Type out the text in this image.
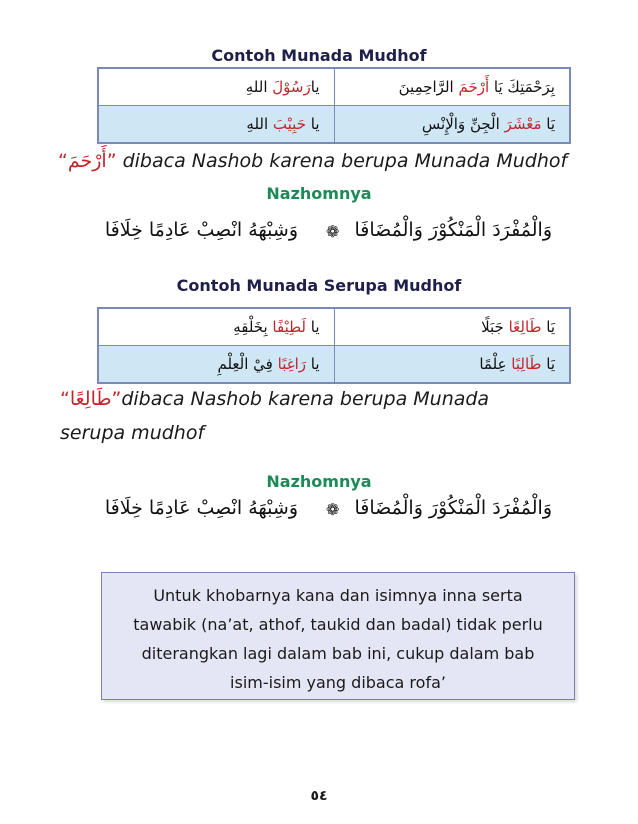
Contoh Munada Mudhof
يارَسُوْلَ اللهِ	بِرَحْمَتِكَ يَا أَرْحَمَ الرَّاحِمِينَ
يا حَبِيْبَ اللهِ	يَا مَعْشَرَ الْجِنِّ وَالْإِنْسِ
“أَرْحَمَ” dibaca Nashob karena berupa Munada Mudhof
Nazhomnya
وَالْمُفْرَدَ الْمَنْكُوْرَ وَالْمُضَافَا
❁
وَشِبْهَهُ انْصِبْ عَادِمًا خِلَافَا
Contoh Munada Serupa Mudhof
يا لَطِيْفًا بِخَلْقِهِ	يَا طَالِعًا جَبَلًا
يا رَاغِبًا فِيْ الْعِلْمِ	يَا طَالِبًا عِلْمًا
“طَالِعًا”dibaca Nashob karena berupa Munada serupa mudhof
Nazhomnya
وَالْمُفْرَدَ الْمَنْكُوْرَ وَالْمُضَافَا
❁
وَشِبْهَهُ انْصِبْ عَادِمًا خِلَافَا
Untuk khobarnya kana dan isimnya inna serta
tawabik (na’at, athof, taukid dan badal) tidak perlu
diterangkan lagi dalam bab ini, cukup dalam bab
isim-isim yang dibaca rofa’
٥٤
